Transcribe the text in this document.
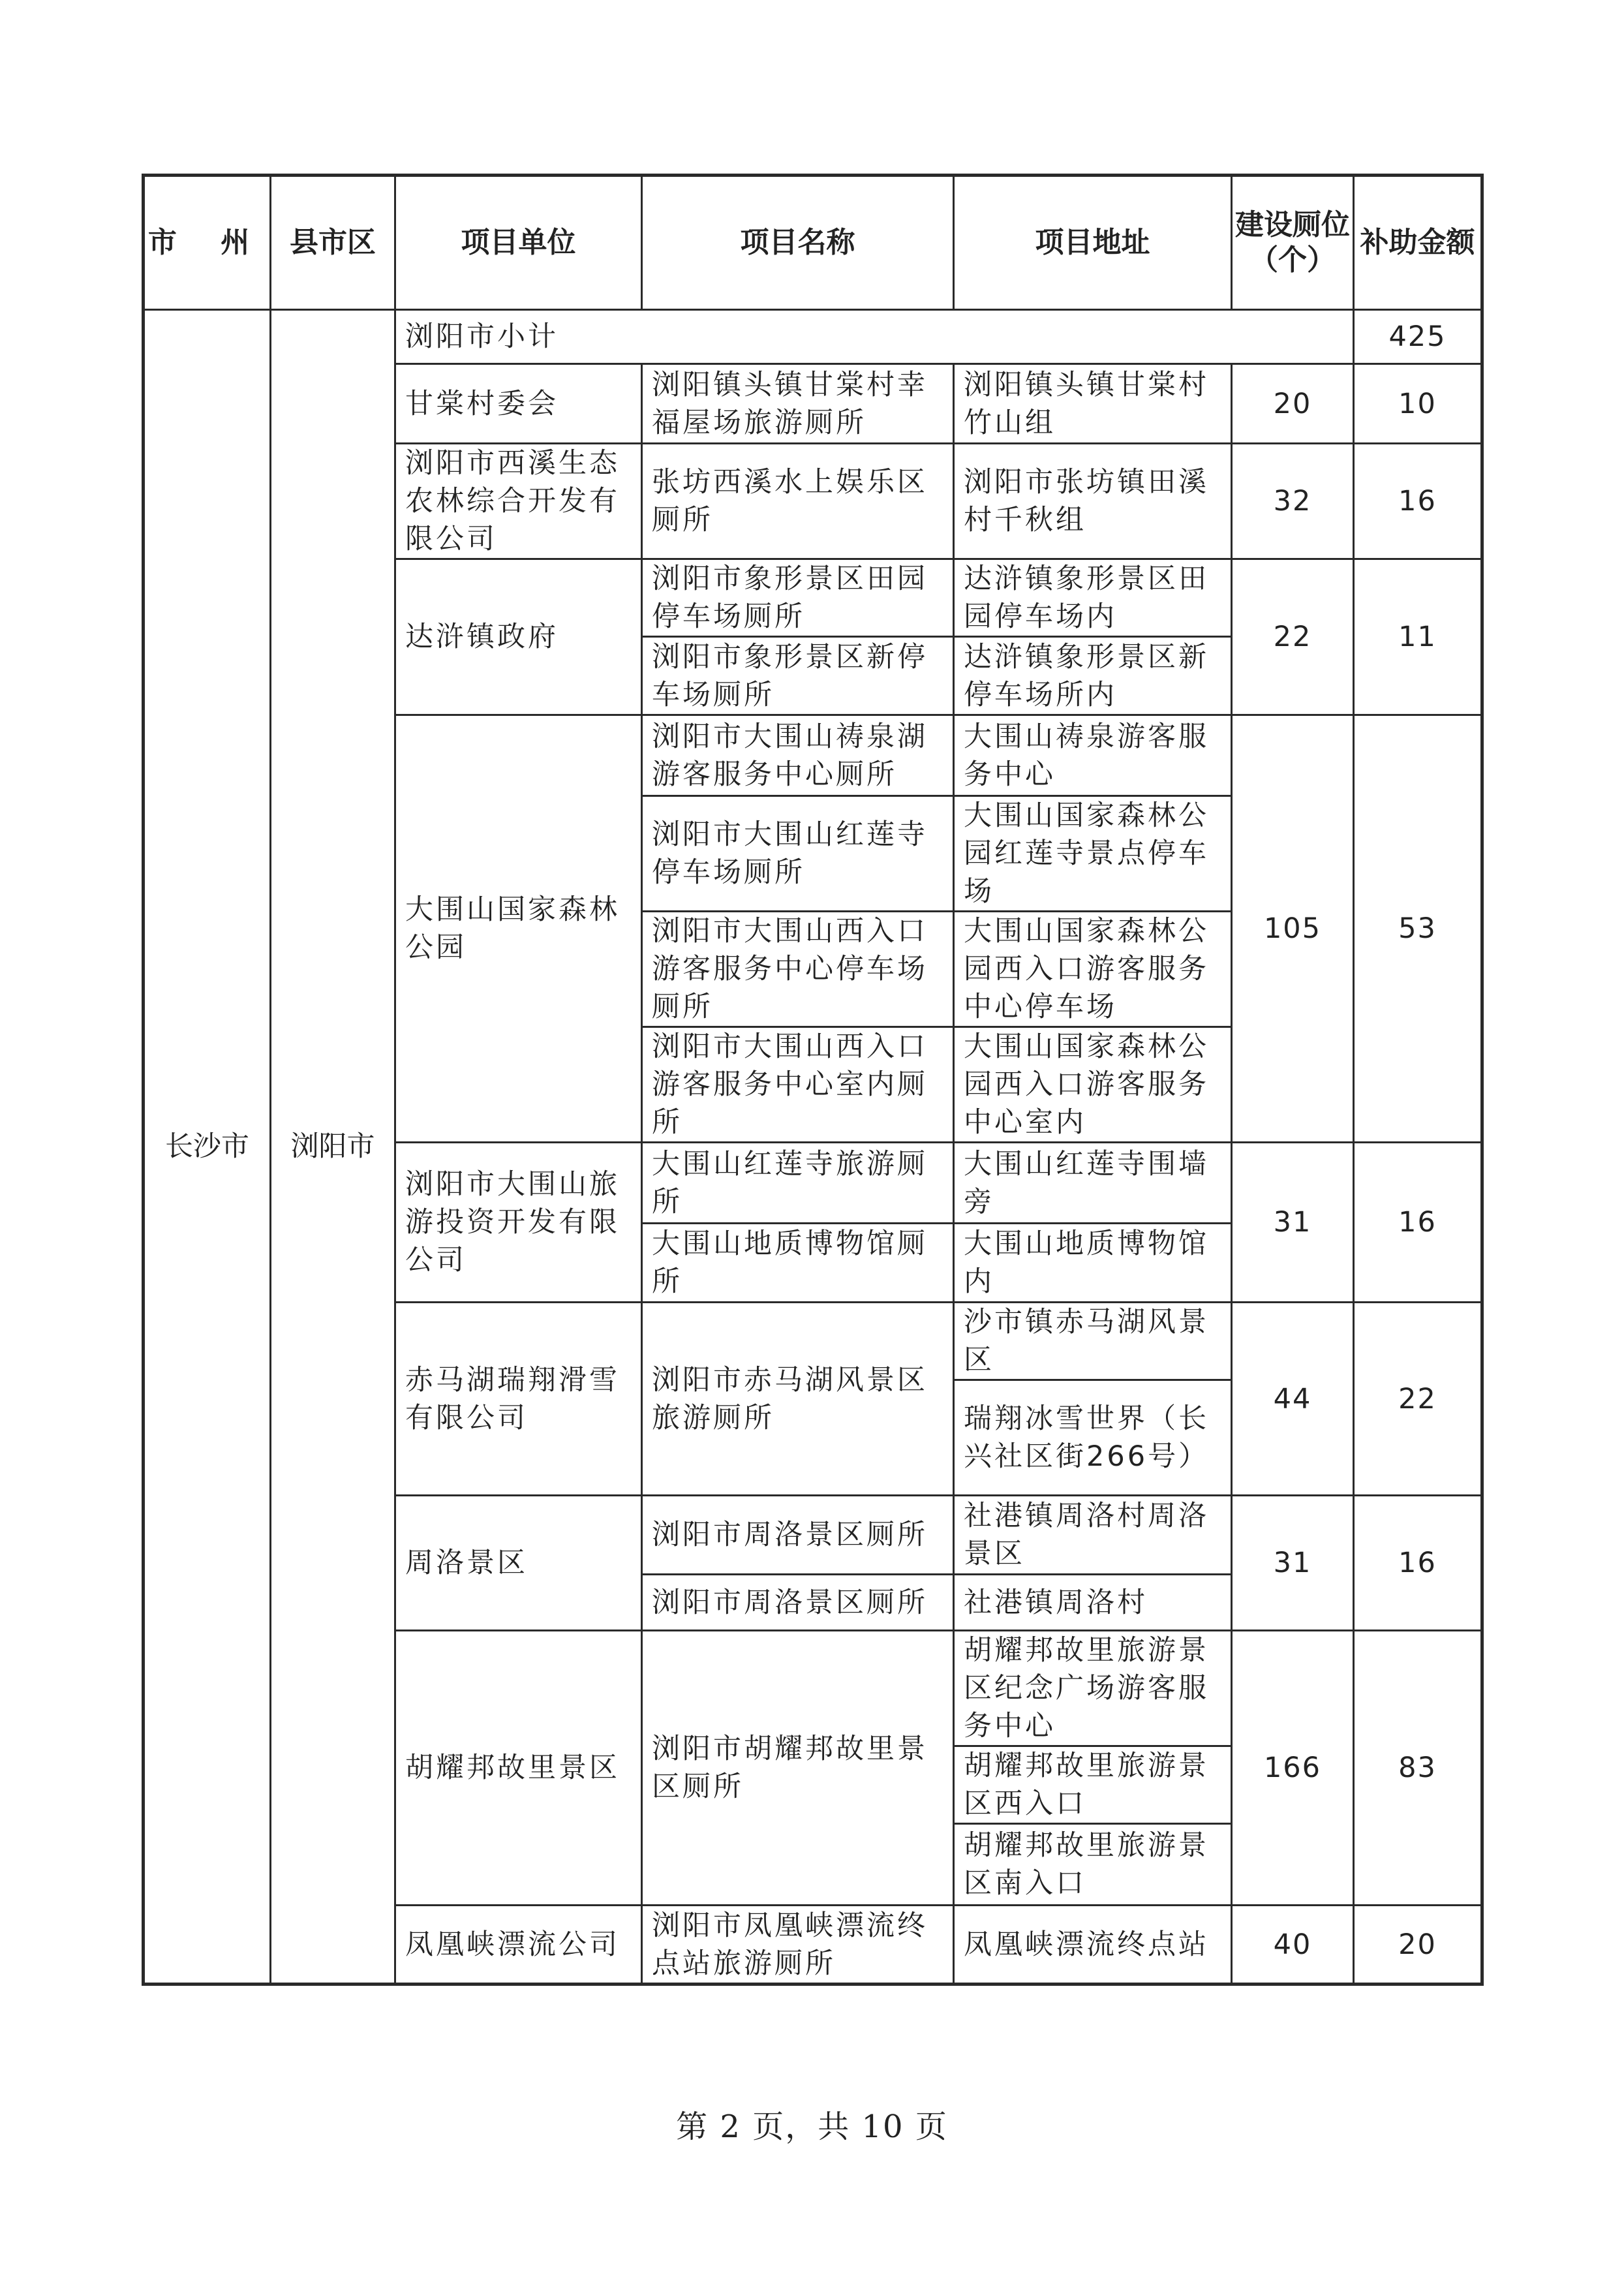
市 州	县市区	项目单位	项目名称	项目地址	建设厕位（个）	补助金额
长沙市	浏阳市	浏阳市小计				425

		甘棠村委会	浏阳镇头镇甘棠村幸福屋场旅游厕所	浏阳镇头镇甘棠村竹山组	20	10

		浏阳市西溪生态农林综合开发有限公司	张坊西溪水上娱乐区厕所	浏阳市张坊镇田溪村千秋组	32	16

		达浒镇政府	浏阳市象形景区田园停车场厕所	达浒镇象形景区田园停车场内	22	11

			浏阳市象形景区新停车场厕所	达浒镇象形景区新停车场所内		

		大围山国家森林公园	浏阳市大围山祷泉湖游客服务中心厕所	大围山祷泉游客服务中心	105	53

			浏阳市大围山红莲寺停车场厕所	大围山国家森林公园红莲寺景点停车场		

			浏阳市大围山西入口游客服务中心停车场厕所	大围山国家森林公园西入口游客服务中心停车场		

			浏阳市大围山西入口游客服务中心室内厕所	大围山国家森林公园西入口游客服务中心室内		

		浏阳市大围山旅游投资开发有限公司	大围山红莲寺旅游厕所	大围山红莲寺围墙旁	31	16

			大围山地质博物馆厕所	大围山地质博物馆内		

		赤马湖瑞翔滑雪有限公司	浏阳市赤马湖风景区旅游厕所	沙市镇赤马湖风景区	44	22

				瑞翔冰雪世界（长兴社区街266号）		

		周洛景区	浏阳市周洛景区厕所	社港镇周洛村周洛景区	31	16

			浏阳市周洛景区厕所	社港镇周洛村		

		胡耀邦故里景区	浏阳市胡耀邦故里景区厕所	胡耀邦故里旅游景区纪念广场游客服务中心	166	83

				胡耀邦故里旅游景区西入口		

				胡耀邦故里旅游景区南入口		

		凤凰峡漂流公司	浏阳市凤凰峡漂流终点站旅游厕所	凤凰峡漂流终点站	40	20
第 2 页，共 10 页
